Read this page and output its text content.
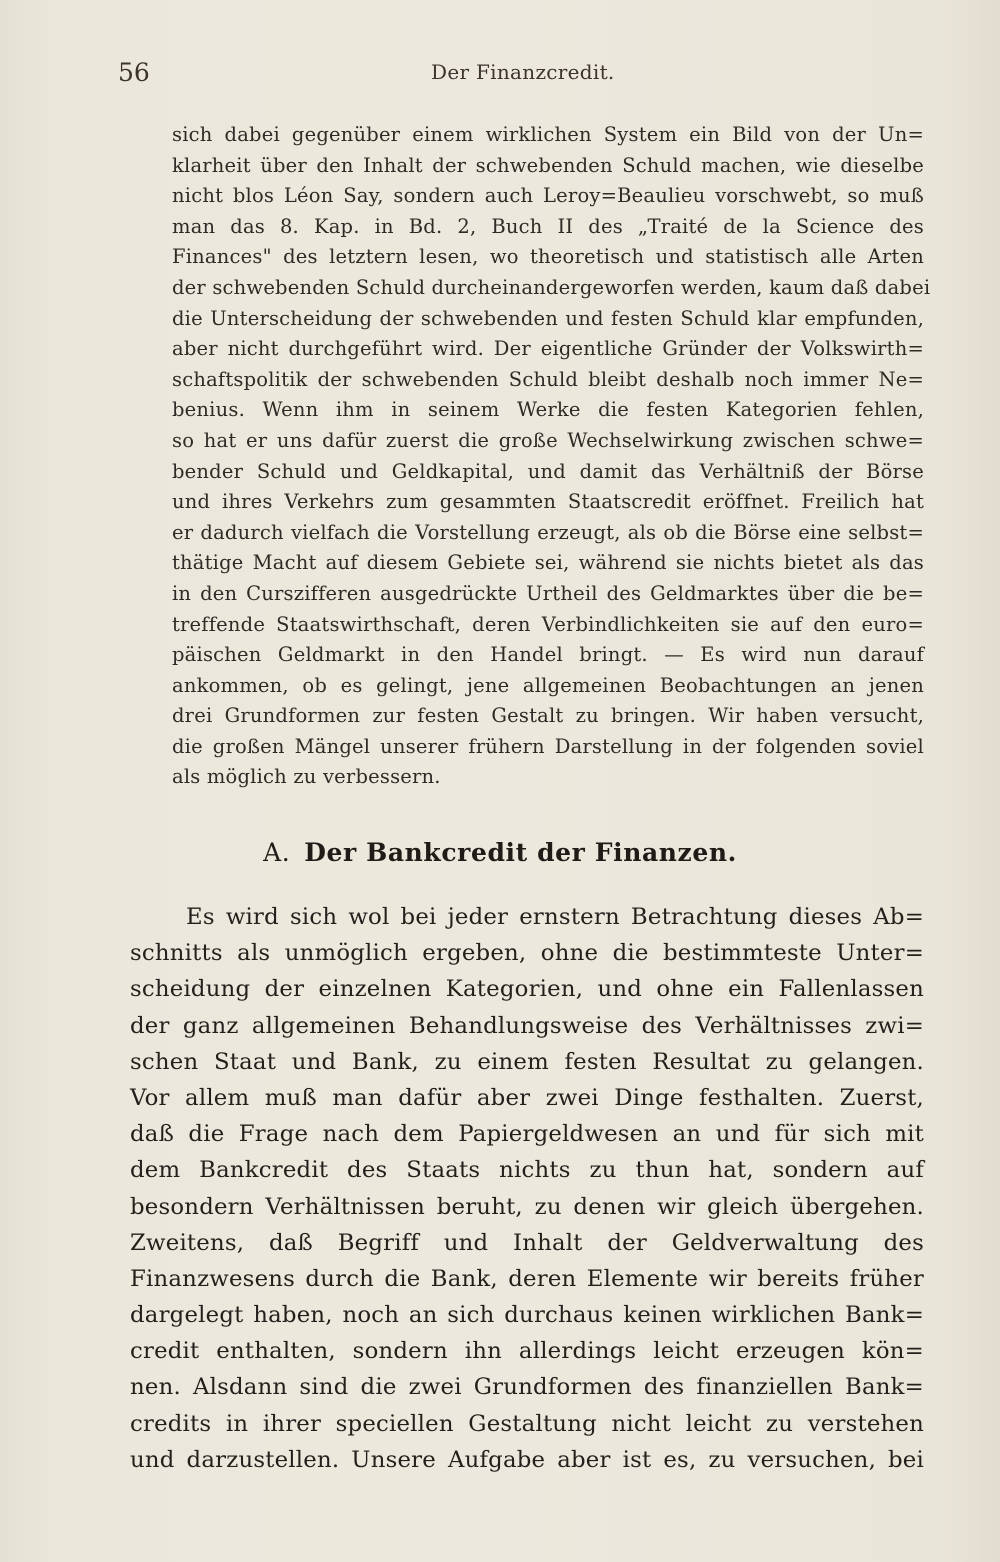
56	Der Finanzcredit.
sich dabei gegenüber einem wirklichen System ein Bild von der Un=
klarheit über den Inhalt der schwebenden Schuld machen, wie dieselbe
nicht blos Léon Say, sondern auch Leroy=Beaulieu vorschwebt, so muß
man das 8. Kap. in Bd. 2, Buch II des „Traité de la Science des
Finances" des letztern lesen, wo theoretisch und statistisch alle Arten
der schwebenden Schuld durcheinandergeworfen werden, kaum daß dabei
die Unterscheidung der schwebenden und festen Schuld klar empfunden,
aber nicht durchgeführt wird. Der eigentliche Gründer der Volkswirth=
schaftspolitik der schwebenden Schuld bleibt deshalb noch immer Ne=
benius. Wenn ihm in seinem Werke die festen Kategorien fehlen,
so hat er uns dafür zuerst die große Wechselwirkung zwischen schwe=
bender Schuld und Geldkapital, und damit das Verhältniß der Börse
und ihres Verkehrs zum gesammten Staatscredit eröffnet. Freilich hat
er dadurch vielfach die Vorstellung erzeugt, als ob die Börse eine selbst=
thätige Macht auf diesem Gebiete sei, während sie nichts bietet als das
in den Curszifferen ausgedrückte Urtheil des Geldmarktes über die be=
treffende Staatswirthschaft, deren Verbindlichkeiten sie auf den euro=
päischen Geldmarkt in den Handel bringt. — Es wird nun darauf
ankommen, ob es gelingt, jene allgemeinen Beobachtungen an jenen
drei Grundformen zur festen Gestalt zu bringen. Wir haben versucht,
die großen Mängel unserer frühern Darstellung in der folgenden soviel
als möglich zu verbessern.
A. Der Bankcredit der Finanzen.
Es wird sich wol bei jeder ernstern Betrachtung dieses Ab=
schnitts als unmöglich ergeben, ohne die bestimmteste Unter=
scheidung der einzelnen Kategorien, und ohne ein Fallenlassen
der ganz allgemeinen Behandlungsweise des Verhältnisses zwi=
schen Staat und Bank, zu einem festen Resultat zu gelangen.
Vor allem muß man dafür aber zwei Dinge festhalten. Zuerst,
daß die Frage nach dem Papiergeldwesen an und für sich mit
dem Bankcredit des Staats nichts zu thun hat, sondern auf
besondern Verhältnissen beruht, zu denen wir gleich übergehen.
Zweitens, daß Begriff und Inhalt der Geldverwaltung des
Finanzwesens durch die Bank, deren Elemente wir bereits früher
dargelegt haben, noch an sich durchaus keinen wirklichen Bank=
credit enthalten, sondern ihn allerdings leicht erzeugen kön=
nen. Alsdann sind die zwei Grundformen des finanziellen Bank=
credits in ihrer speciellen Gestaltung nicht leicht zu verstehen
und darzustellen. Unsere Aufgabe aber ist es, zu versuchen, bei
